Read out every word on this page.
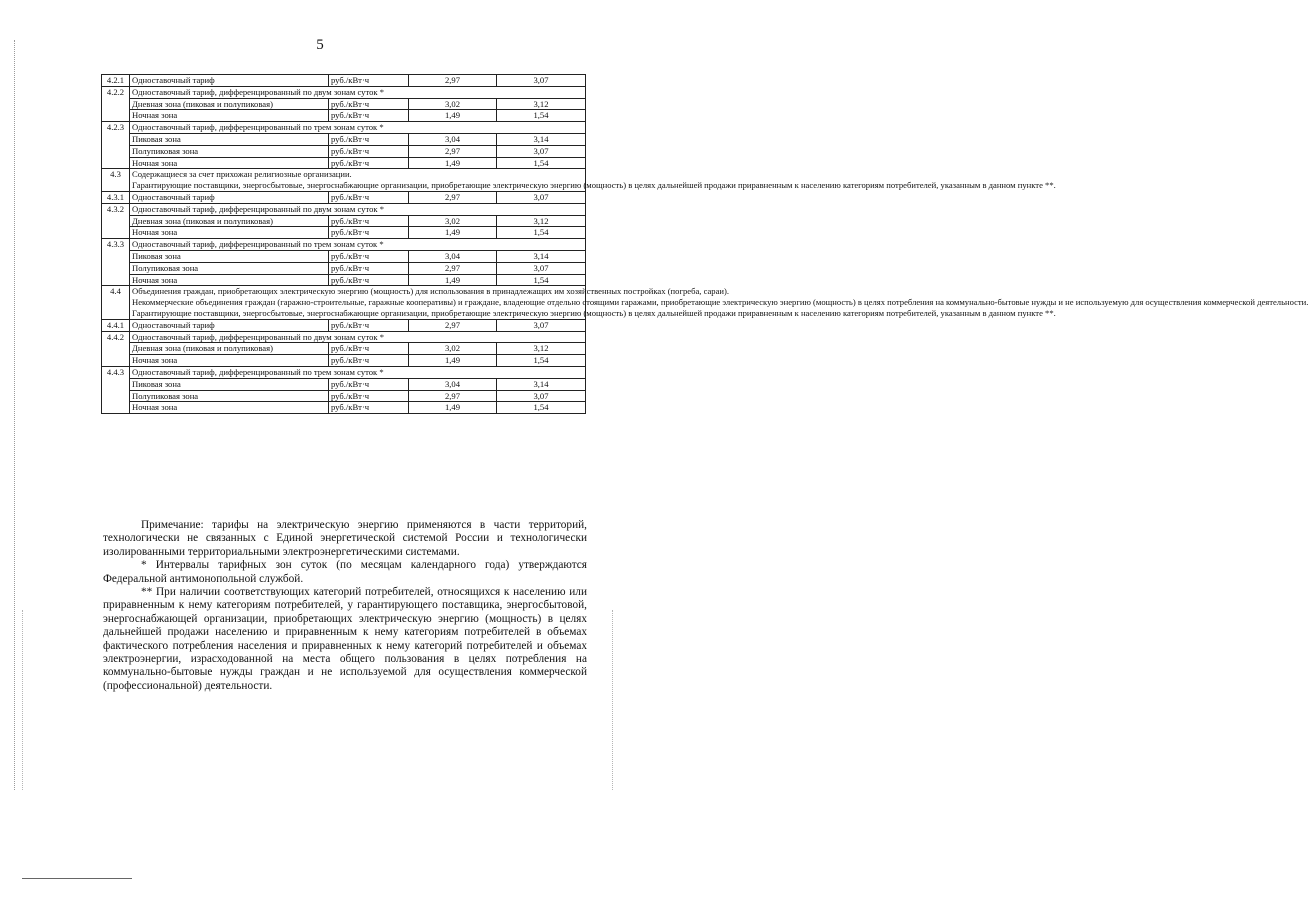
5
4.2.1	Одноставочный тариф	руб./кВт·ч	2,97	3,07
4.2.2	Одноставочный тариф, дифференцированный по двум зонам суток *			
	Дневная зона (пиковая и полупиковая)	руб./кВт·ч	3,02	3,12
	Ночная зона	руб./кВт·ч	1,49	1,54
4.2.3	Одноставочный тариф, дифференцированный по трем зонам суток *			
	Пиковая зона	руб./кВт·ч	3,04	3,14
	Полупиковая зона	руб./кВт·ч	2,97	3,07
	Ночная зона	руб./кВт·ч	1,49	1,54
4.3	Содержащиеся за счет прихожан религиозные организации.

Гарантирующие поставщики, энергосбытовые, энергоснабжающие организации, приобретающие электрическую энергию (мощность) в целях дальнейшей продажи приравненным к населению категориям потребителей, указанным в данном пункте **.			

4.3.1	Одноставочный тариф	руб./кВт·ч	2,97	3,07
4.3.2	Одноставочный тариф, дифференцированный по двум зонам суток *			
	Дневная зона (пиковая и полупиковая)	руб./кВт·ч	3,02	3,12
	Ночная зона	руб./кВт·ч	1,49	1,54
4.3.3	Одноставочный тариф, дифференцированный по трем зонам суток *			
	Пиковая зона	руб./кВт·ч	3,04	3,14
	Полупиковая зона	руб./кВт·ч	2,97	3,07
	Ночная зона	руб./кВт·ч	1,49	1,54
4.4	Объединения граждан, приобретающих электрическую энергию (мощность) для использования в принадлежащих им хозяйственных постройках (погреба, сараи).

Некоммерческие объединения граждан (гаражно-строительные, гаражные кооперативы) и граждане, владеющие отдельно стоящими гаражами, приобретающие электрическую энергию (мощность) в целях потребления на коммунально-бытовые нужды и не используемую для осуществления коммерческой деятельности.

Гарантирующие поставщики, энергосбытовые, энергоснабжающие организации, приобретающие электрическую энергию (мощность) в целях дальнейшей продажи приравненным к населению категориям потребителей, указанным в данном пункте **.			

4.4.1	Одноставочный тариф	руб./кВт·ч	2,97	3,07
4.4.2	Одноставочный тариф, дифференцированный по двум зонам суток *			
	Дневная зона (пиковая и полупиковая)	руб./кВт·ч	3,02	3,12
	Ночная зона	руб./кВт·ч	1,49	1,54
4.4.3	Одноставочный тариф, дифференцированный по трем зонам суток *			
	Пиковая зона	руб./кВт·ч	3,04	3,14
	Полупиковая зона	руб./кВт·ч	2,97	3,07
	Ночная зона	руб./кВт·ч	1,49	1,54

Примечание: тарифы на электрическую энергию применяются в части территорий, технологически не связанных с Единой энергетической системой России и технологически изолированными территориальными электроэнергетическими системами.

* Интервалы тарифных зон суток (по месяцам календарного года) утверждаются Федеральной антимонопольной службой.

** При наличии соответствующих категорий потребителей, относящихся к населению или приравненным к нему категориям потребителей, у гарантирующего поставщика, энергосбытовой, энергоснабжающей организации, приобретающих электрическую энергию (мощность) в целях дальнейшей продажи населению и приравненным к нему категориям потребителей в объемах фактического потребления населения и приравненных к нему категорий потребителей и объемах электроэнергии, израсходованной на места общего пользования в целях потребления на коммунально-бытовые нужды граждан и не используемой для осуществления коммерческой (профессиональной) деятельности.
